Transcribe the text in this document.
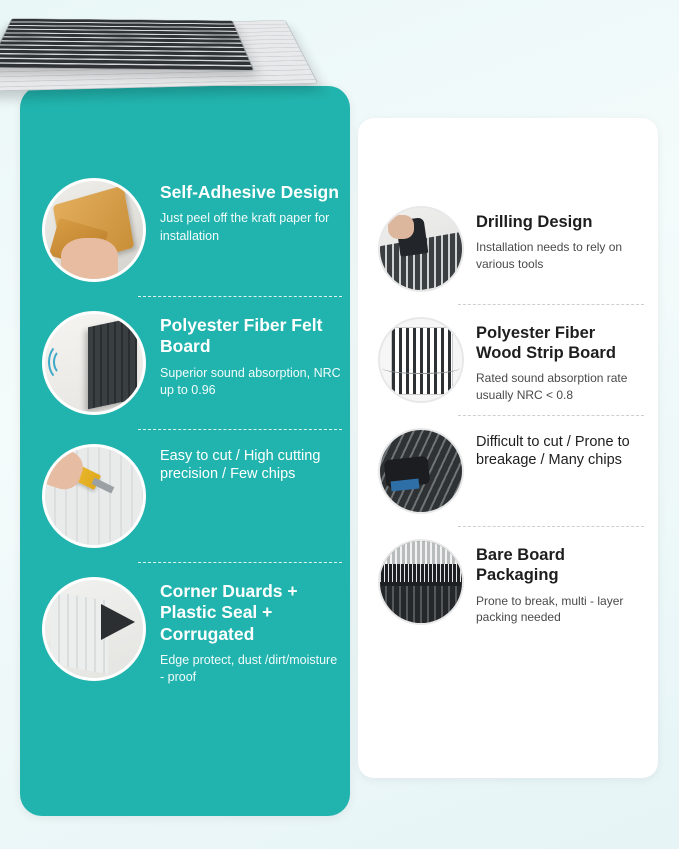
Self-Adhesive Design

Just peel off the kraft paper for installation

Polyester Fiber Felt Board

Superior sound absorption, NRC up to 0.96

Easy to cut / High cutting precision / Few chips

Corner Duards + Plastic Seal + Corrugated

Edge protect, dust /dirt/moisture - proof

Drilling Design

Installation needs to rely on various tools

Polyester Fiber Wood Strip Board

Rated sound absorption rate usually NRC < 0.8

Difficult to cut / Prone to breakage / Many chips

Bare Board Packaging

Prone to break, multi - layer packing needed
